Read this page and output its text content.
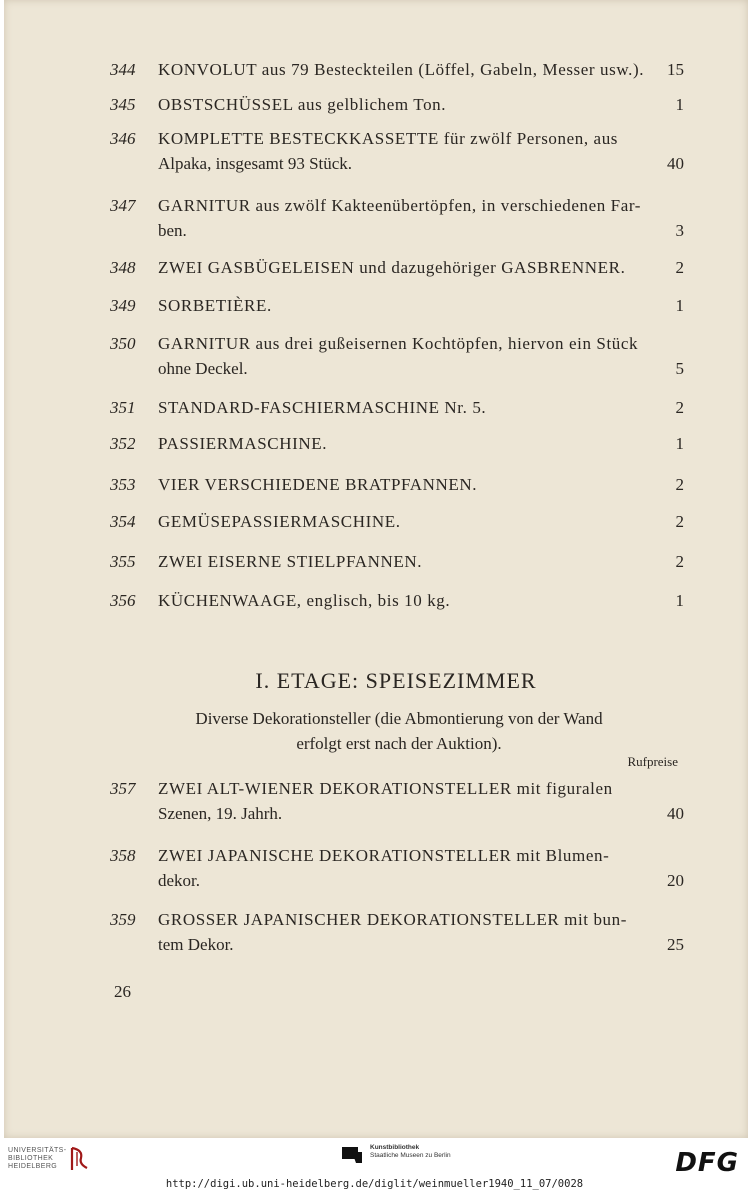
344	KONVOLUT aus 79 Besteckteilen (Löffel, Gabeln, Messer usw.). 15
345	OBSTSCHÜSSEL aus gelblichem Ton.	1
346	KOMPLETTE BESTECKKASSETTE für zwölf Personen, aus
Alpaka, insgesamt 93 Stück.	40
347	GARNITUR aus zwölf Kakteenübertöpfen, in verschiedenen Far-
ben.	3
348	ZWEI GASBÜGELEISEN und dazugehöriger GASBRENNER.	2
349	SORBETIÈRE.	1
350	GARNITUR aus drei gußeisernen Kochtöpfen, hiervon ein Stück
ohne Deckel.	5
351	STANDARD-FASCHIERMASCHINE Nr. 5.	2
352	PASSIERMASCHINE.	1
353	VIER VERSCHIEDENE BRATPFANNEN.	2
354	GEMÜSEPASSIERMASCHINE.	2
355	ZWEI EISERNE STIELPFANNEN.	2
356	KÜCHENWAAGE, englisch, bis 10 kg.	1
I. ETAGE: SPEISEZIMMER
Diverse Dekorationsteller (die Abmontierung von der Wand
erfolgt erst nach der Auktion).
Rufpreise
357	ZWEI ALT-WIENER DEKORATIONSTELLER mit figuralen
Szenen, 19. Jahrh.	40
358	ZWEI JAPANISCHE DEKORATIONSTELLER mit Blumen-
dekor.	20
359	GROSSER JAPANISCHER DEKORATIONSTELLER mit bun-
tem Dekor.	25
26
UNIVERSITÄTS-
BIBLIOTHEK
HEIDELBERG
Kunstbibliothek
Staatliche Museen zu Berlin	DFG
http://digi.ub.uni-heidelberg.de/diglit/weinmueller1940_11_07/0028
